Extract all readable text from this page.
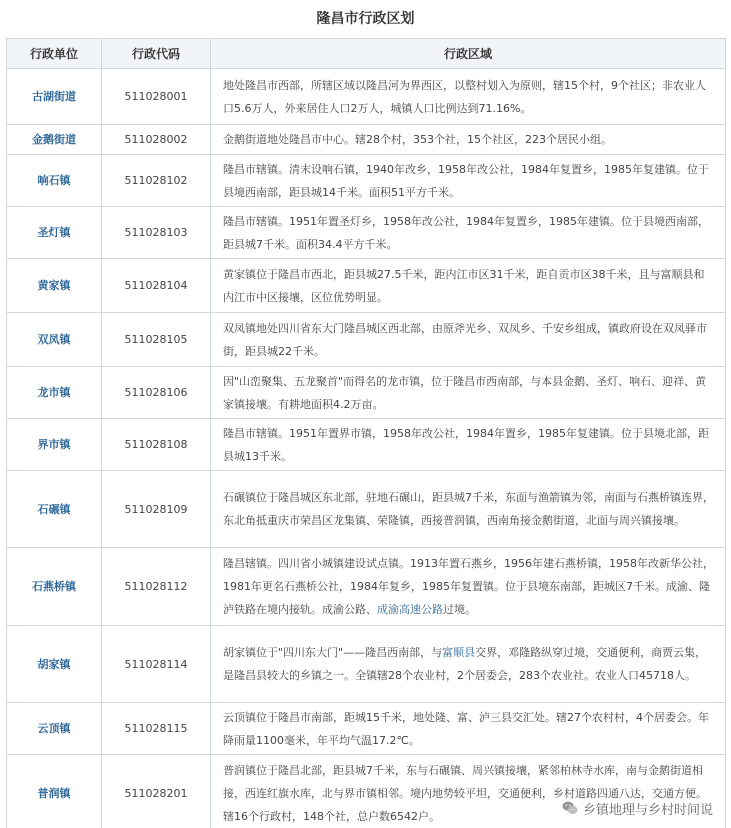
隆昌市行政区划
行政单位	行政代码	行政区域
古湖街道	511028001	地处隆昌市西部，所辖区域以隆昌河为界西区，以整村划入为原则，辖15个村，9个社区；非农业人口5.6万人，外来居住人口2万人，城镇人口比例达到71.16%。
金鹅街道	511028002	金鹅街道地处隆昌市中心。辖28个村，353个社，15个社区，223个居民小组。
响石镇	511028102	隆昌市辖镇。清末设响石镇，1940年改乡，1958年改公社，1984年复置乡，1985年复建镇。位于县境西南部，距县城14千米。面积51平方千米。
圣灯镇	511028103	隆昌市辖镇。1951年置圣灯乡，1958年改公社，1984年复置乡，1985年建镇。位于县境西南部，距县城7千米。面积34.4平方千米。
黄家镇	511028104	黄家镇位于隆昌市西北，距县城27.5千米，距内江市区31千米，距自贡市区38千米，且与富顺县和内江市中区接壤，区位优势明显。
双凤镇	511028105	双凤镇地处四川省东大门隆昌城区西北部，由原斧光乡、双凤乡、千安乡组成，镇政府设在双凤驿市街，距县城22千米。
龙市镇	511028106	因"山峦聚集、五龙聚首"而得名的龙市镇，位于隆昌市西南部，与本县金鹅、圣灯、响石、迎祥、黄家镇接壤。有耕地面积4.2万亩。
界市镇	511028108	隆昌市辖镇。1951年置界市镇，1958年改公社，1984年置乡，1985年复建镇。位于县境北部，距县城13千米。
石碾镇	511028109	石碾镇位于隆昌城区东北部，驻地石碾山，距县城7千米，东面与渔箭镇为邻，南面与石燕桥镇连界，东北角抵重庆市荣昌区龙集镇、荣隆镇，西接普润镇，西南角接金鹅街道，北面与周兴镇接壤。
石燕桥镇	511028112	隆昌辖镇。四川省小城镇建设试点镇。1913年置石燕乡，1956年建石燕桥镇，1958年改新华公社，1981年更名石燕桥公社，1984年复乡，1985年复置镇。位于县境东南部，距城区7千米。成渝、隆泸铁路在境内接轨。成渝公路、成渝高速公路过境。
胡家镇	511028114	胡家镇位于"四川东大门"——隆昌西南部，与富顺县交界，邓隆路纵穿过境，交通便利，商贾云集，是隆昌县较大的乡镇之一。全镇辖28个农业村，2个居委会，283个农业社。农业人口45718人。
云顶镇	511028115	云顶镇位于隆昌市南部，距城15千米，地处隆、富、泸三县交汇处。辖27个农村村，4个居委会。年降雨量1100毫米，年平均气温17.2℃。
普润镇	511028201	普润镇位于隆昌北部，距县城7千米，东与石碾镇、周兴镇接壤，紧邻柏林寺水库，南与金鹅街道相接，西连红旗水库，北与界市镇相邻。境内地势较平坦，交通便利，乡村道路四通八达，交通方便。辖16个行政村，148个社，总户数6542户。	乡镇地理与乡村时间说
